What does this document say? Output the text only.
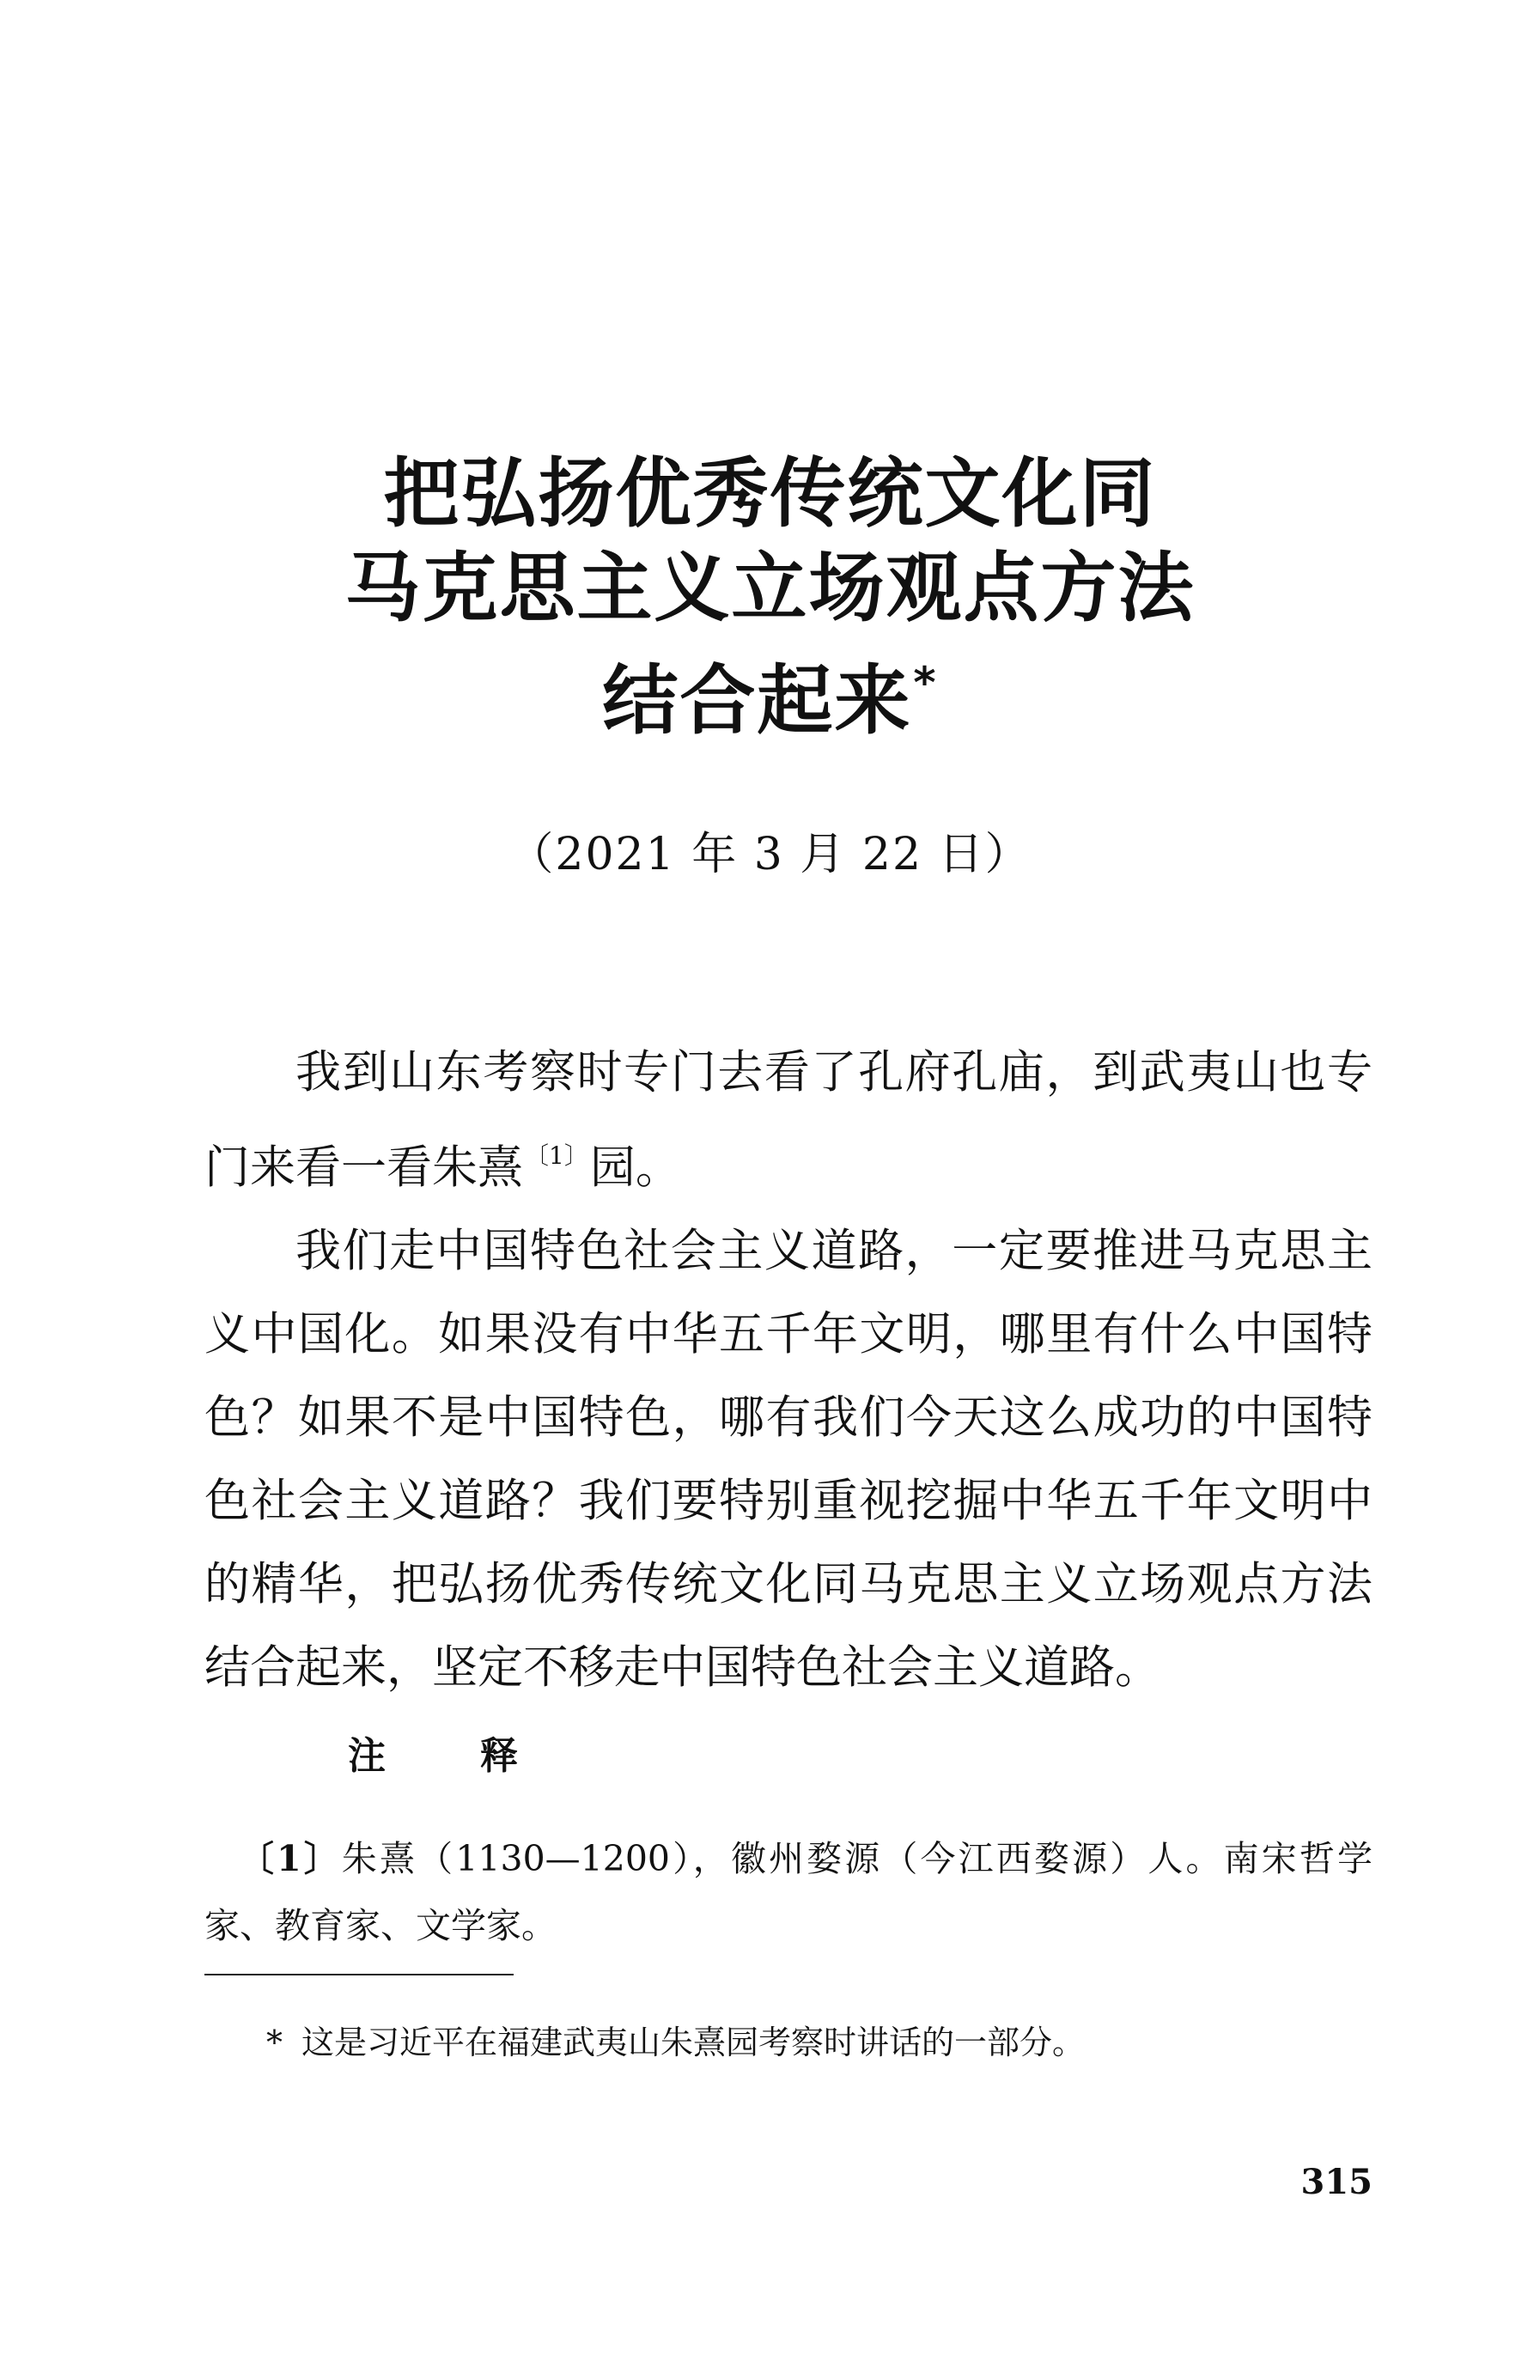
把弘扬优秀传统文化同
马克思主义立场观点方法
结合起来*
（2021 年 3 月 22 日）

我到山东考察时专门去看了孔府孔庙，到武夷山也专门来看一看朱熹$^{〔1〕}$园。

我们走中国特色社会主义道路，一定要推进马克思主义中国化。如果没有中华五千年文明，哪里有什么中国特色？如果不是中国特色，哪有我们今天这么成功的中国特色社会主义道路？我们要特别重视挖掘中华五千年文明中的精华，把弘扬优秀传统文化同马克思主义立场观点方法结合起来，坚定不移走中国特色社会主义道路。

注	释

〔1〕朱熹（1130—1200），徽州婺源（今江西婺源）人。南宋哲学家、教育家、文学家。

* 这是习近平在福建武夷山朱熹园考察时讲话的一部分。
315
